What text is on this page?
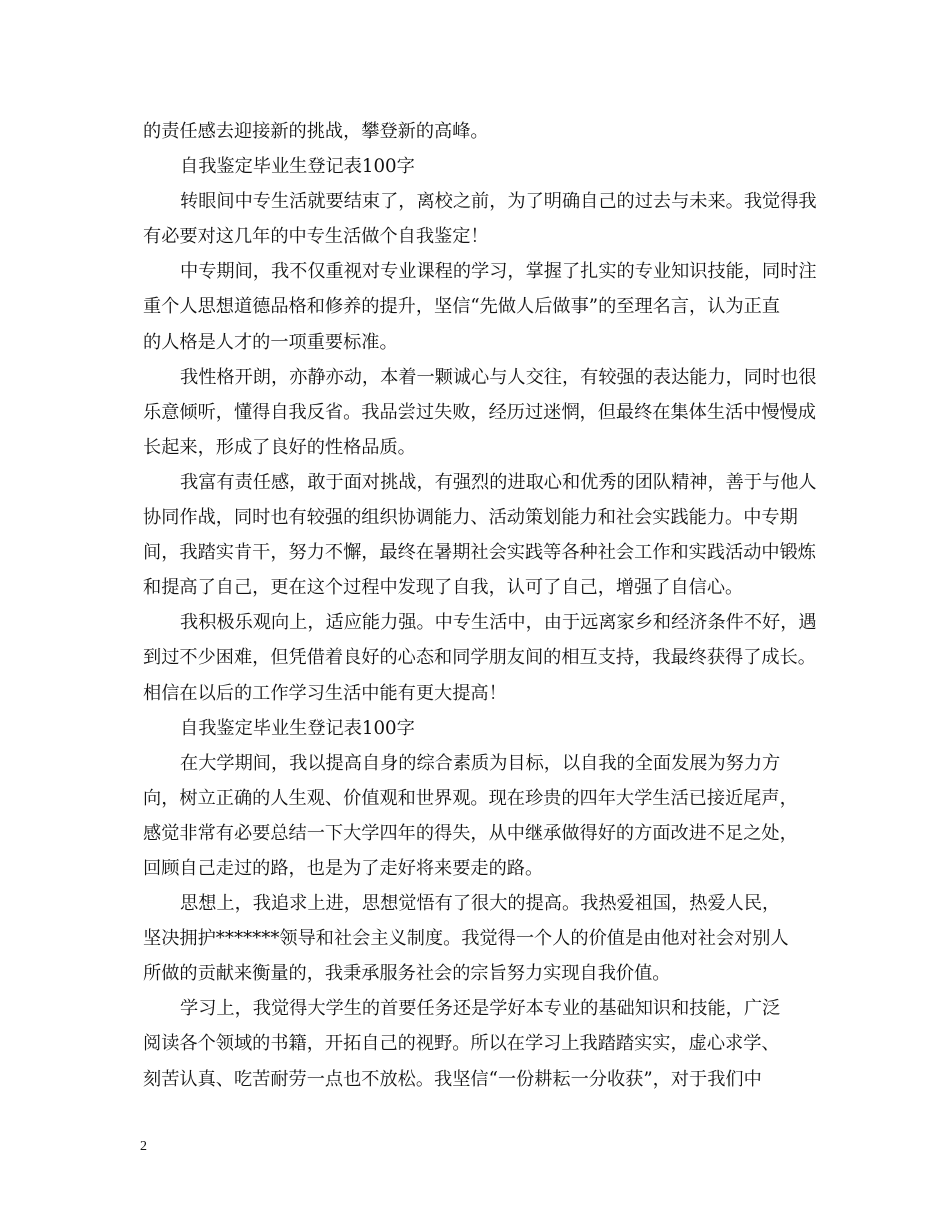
的责任感去迎接新的挑战，攀登新的高峰。
自我鉴定毕业生登记表100字
转眼间中专生活就要结束了，离校之前，为了明确自己的过去与未来。我觉得我
有必要对这几年的中专生活做个自我鉴定！
中专期间，我不仅重视对专业课程的学习，掌握了扎实的专业知识技能，同时注
重个人思想道德品格和修养的提升，坚信“先做人后做事”的至理名言，认为正直
的人格是人才的一项重要标准。
我性格开朗，亦静亦动，本着一颗诚心与人交往，有较强的表达能力，同时也很
乐意倾听，懂得自我反省。我品尝过失败，经历过迷惘，但最终在集体生活中慢慢成
长起来，形成了良好的性格品质。
我富有责任感，敢于面对挑战，有强烈的进取心和优秀的团队精神，善于与他人
协同作战，同时也有较强的组织协调能力、活动策划能力和社会实践能力。中专期
间，我踏实肯干，努力不懈，最终在暑期社会实践等各种社会工作和实践活动中锻炼
和提高了自己，更在这个过程中发现了自我，认可了自己，增强了自信心。
我积极乐观向上，适应能力强。中专生活中，由于远离家乡和经济条件不好，遇
到过不少困难，但凭借着良好的心态和同学朋友间的相互支持，我最终获得了成长。
相信在以后的工作学习生活中能有更大提高！
自我鉴定毕业生登记表100字
在大学期间，我以提高自身的综合素质为目标，以自我的全面发展为努力方
向，树立正确的人生观、价值观和世界观。现在珍贵的四年大学生活已接近尾声，
感觉非常有必要总结一下大学四年的得失，从中继承做得好的方面改进不足之处，
回顾自己走过的路，也是为了走好将来要走的路。
思想上，我追求上进，思想觉悟有了很大的提高。我热爱祖国，热爱人民，
坚决拥护*******领导和社会主义制度。我觉得一个人的价值是由他对社会对别人
所做的贡献来衡量的，我秉承服务社会的宗旨努力实现自我价值。
学习上，我觉得大学生的首要任务还是学好本专业的基础知识和技能，广泛
阅读各个领域的书籍，开拓自己的视野。所以在学习上我踏踏实实，虚心求学、
刻苦认真、吃苦耐劳一点也不放松。我坚信“一份耕耘一分收获”，对于我们中
2
